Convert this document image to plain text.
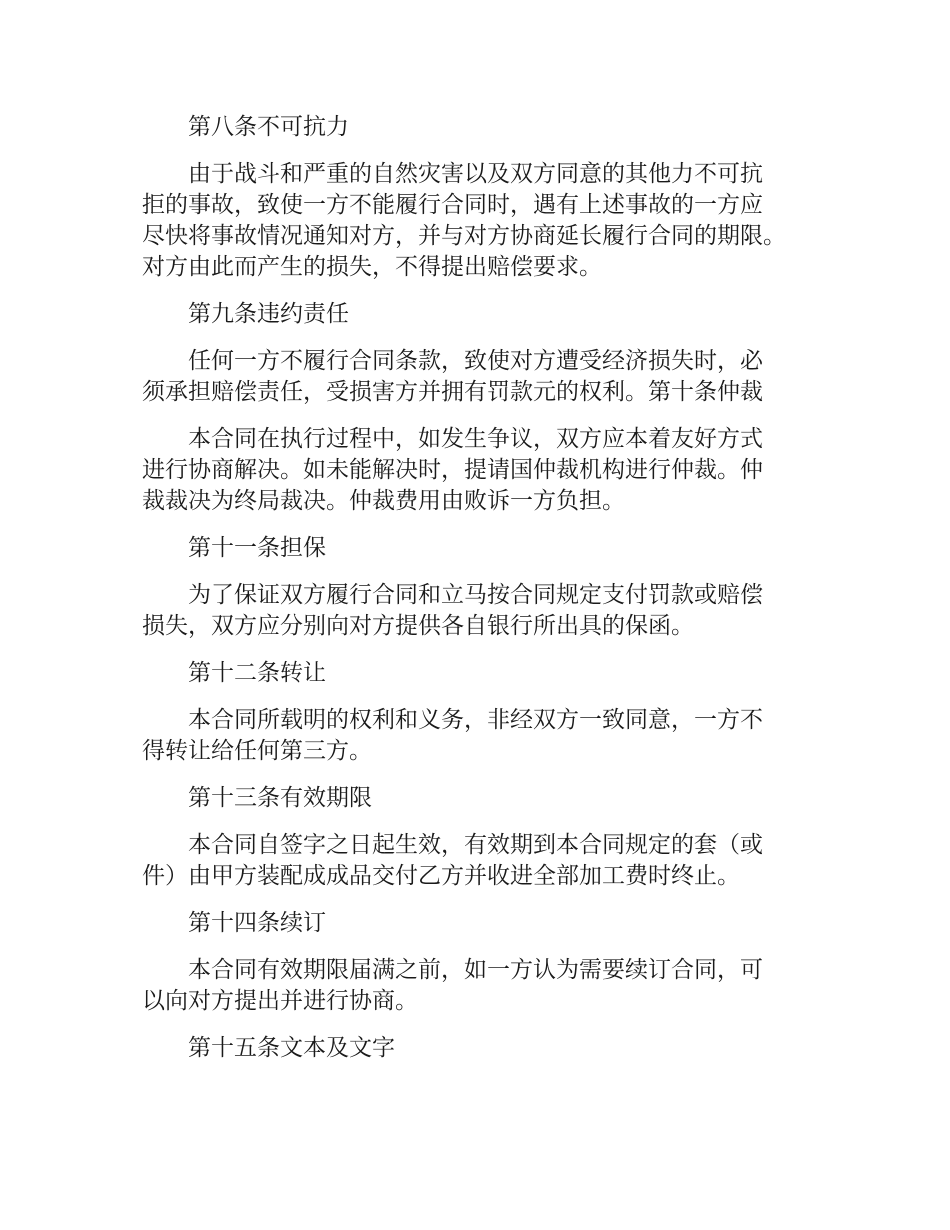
第八条不可抗力

由于战斗和严重的自然灾害以及双方同意的其他力不可抗
拒的事故，致使一方不能履行合同时，遇有上述事故的一方应
尽快将事故情况通知对方，并与对方协商延长履行合同的期限。
对方由此而产生的损失，不得提出赔偿要求。

第九条违约责任

任何一方不履行合同条款，致使对方遭受经济损失时，必
须承担赔偿责任，受损害方并拥有罚款元的权利。第十条仲裁

本合同在执行过程中，如发生争议，双方应本着友好方式
进行协商解决。如未能解决时，提请国仲裁机构进行仲裁。仲
裁裁决为终局裁决。仲裁费用由败诉一方负担。

第十一条担保

为了保证双方履行合同和立马按合同规定支付罚款或赔偿
损失，双方应分别向对方提供各自银行所出具的保函。

第十二条转让

本合同所载明的权利和义务，非经双方一致同意，一方不
得转让给任何第三方。

第十三条有效期限

本合同自签字之日起生效，有效期到本合同规定的套（或
件）由甲方装配成成品交付乙方并收进全部加工费时终止。

第十四条续订

本合同有效期限届满之前，如一方认为需要续订合同，可
以向对方提出并进行协商。

第十五条文本及文字
